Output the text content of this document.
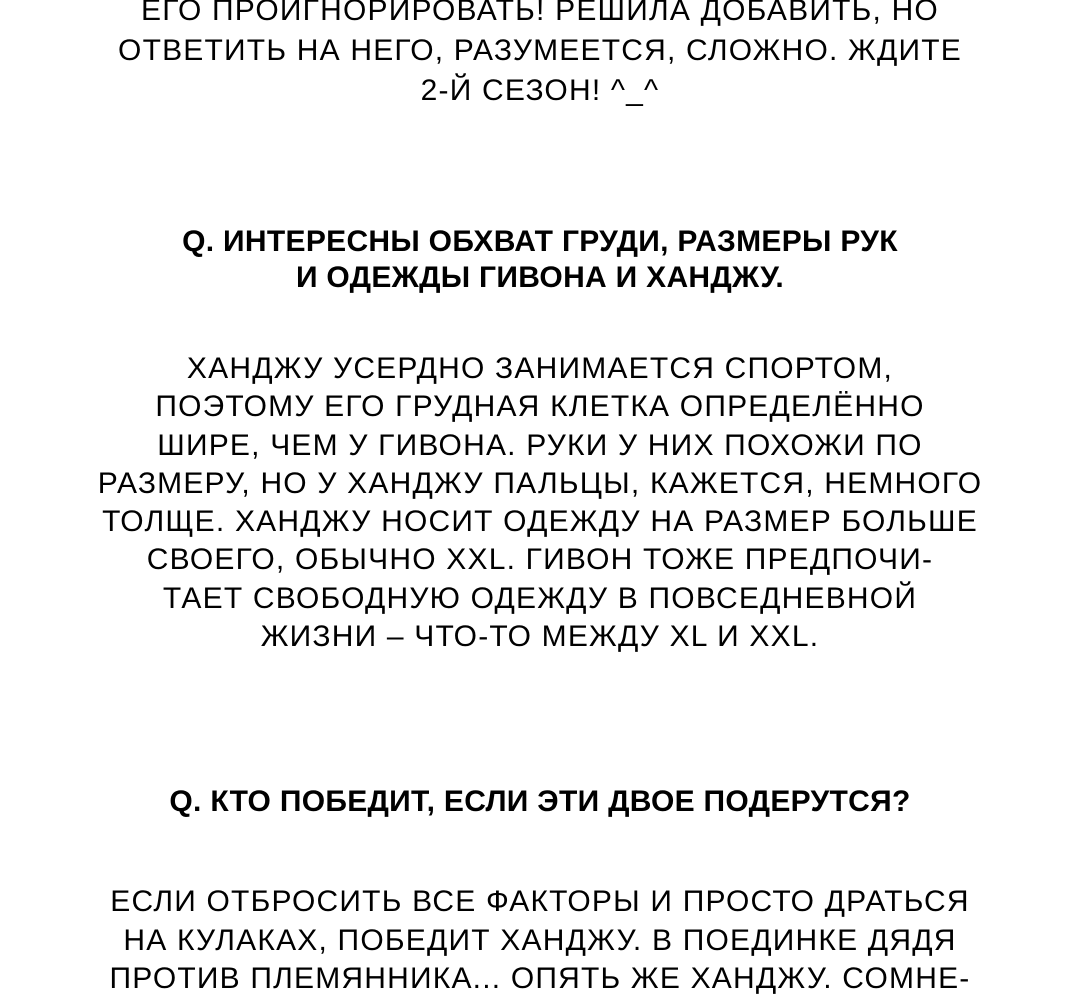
ЕГО ПРОИГНОРИРОВАТЬ! РЕШИЛА ДОБАВИТЬ, НО
ОТВЕТИТЬ НА НЕГО, РАЗУМЕЕТСЯ, СЛОЖНО. ЖДИТЕ
2-Й СЕЗОН! ^_^
Q. ИНТЕРЕСНЫ ОБХВАТ ГРУДИ, РАЗМЕРЫ РУК
И ОДЕЖДЫ ГИВОНА И ХАНДЖУ.
ХАНДЖУ УСЕРДНО ЗАНИМАЕТСЯ СПОРТОМ,
ПОЭТОМУ ЕГО ГРУДНАЯ КЛЕТКА ОПРЕДЕЛЁННО
ШИРЕ, ЧЕМ У ГИВОНА. РУКИ У НИХ ПОХОЖИ ПО
РАЗМЕРУ, НО У ХАНДЖУ ПАЛЬЦЫ, КАЖЕТСЯ, НЕМНОГО
ТОЛЩЕ. ХАНДЖУ НОСИТ ОДЕЖДУ НА РАЗМЕР БОЛЬШЕ
СВОЕГО, ОБЫЧНО XXL. ГИВОН ТОЖЕ ПРЕДПОЧИ-
ТАЕТ СВОБОДНУЮ ОДЕЖДУ В ПОВСЕДНЕВНОЙ
ЖИЗНИ – ЧТО-ТО МЕЖДУ XL И XXL.
Q. КТО ПОБЕДИТ, ЕСЛИ ЭТИ ДВОЕ ПОДЕРУТСЯ?
ЕСЛИ ОТБРОСИТЬ ВСЕ ФАКТОРЫ И ПРОСТО ДРАТЬСЯ
НА КУЛАКАХ, ПОБЕДИТ ХАНДЖУ. В ПОЕДИНКЕ ДЯДЯ
ПРОТИВ ПЛЕМЯННИКА... ОПЯТЬ ЖЕ ХАНДЖУ. СОМНЕ-
